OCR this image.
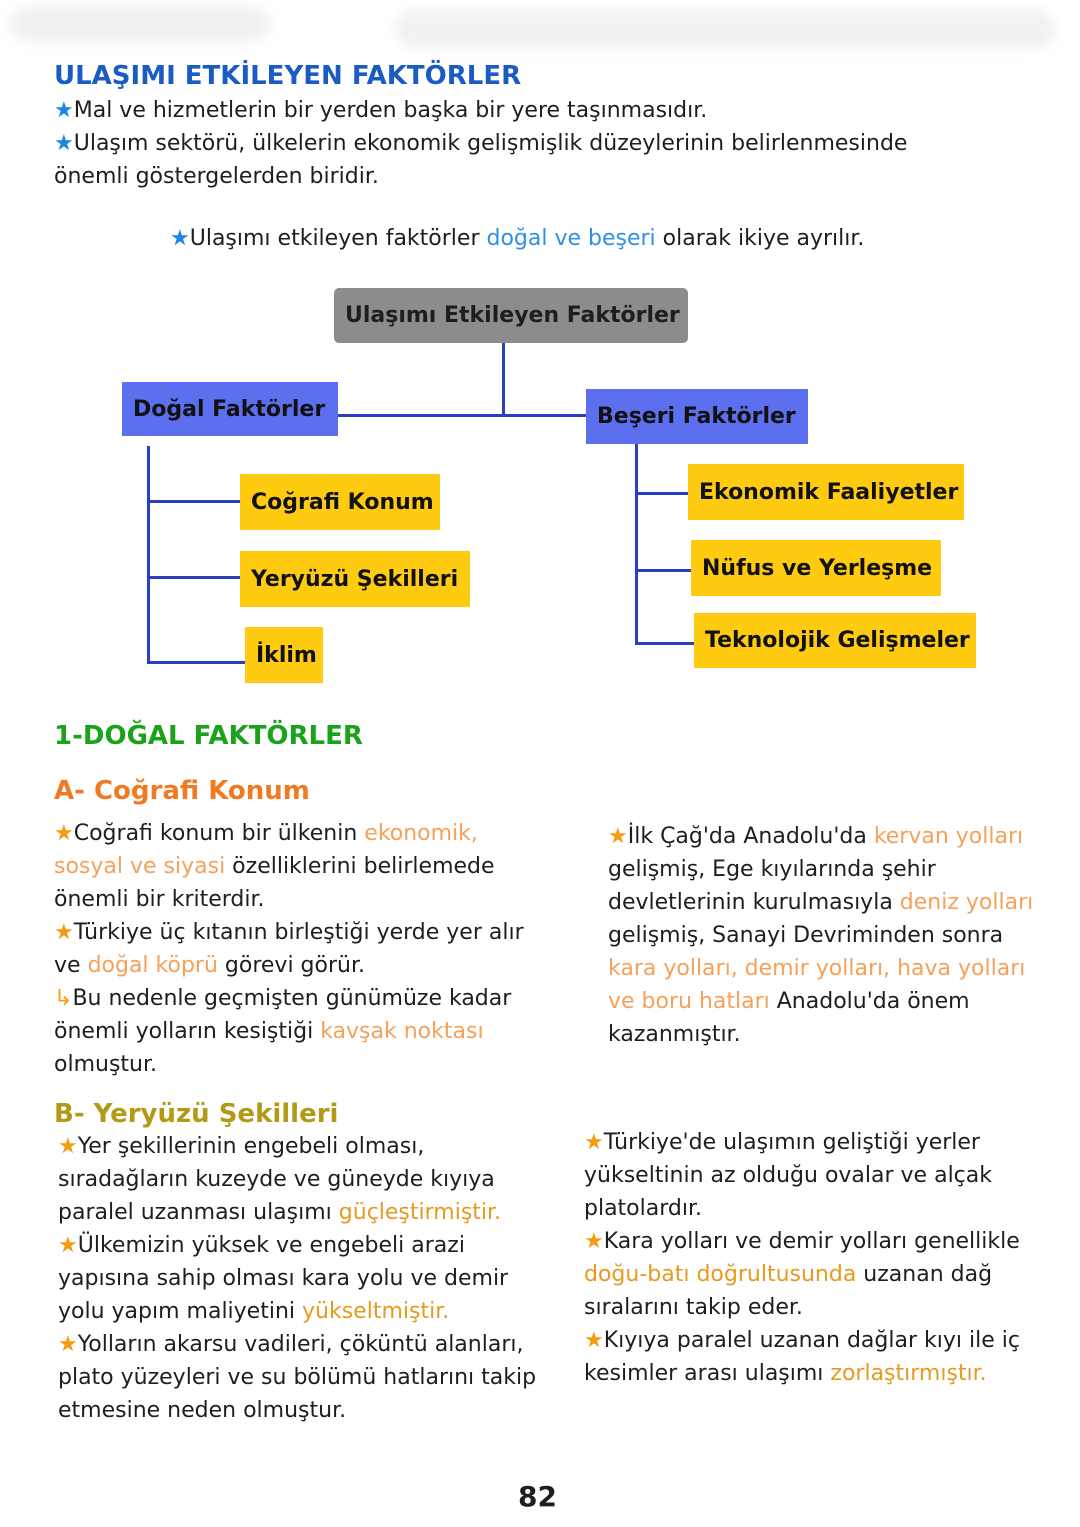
ULAŞIMI ETKİLEYEN FAKTÖRLER

★Mal ve hizmetlerin bir yerden başka bir yere taşınmasıdır.

★Ulaşım sektörü, ülkelerin ekonomik gelişmişlik düzeylerinin belirlenmesinde önemli göstergelerden biridir.

★Ulaşımı etkileyen faktörler doğal ve beşeri olarak ikiye ayrılır.

Ulaşımı Etkileyen Faktörler
Doğal Faktörler	Beşeri Faktörler
Coğrafi Konum
Yeryüzü Şekilleri
İklim
Ekonomik Faaliyetler
Nüfus ve Yerleşme
Teknolojik Gelişmeler
1-DOĞAL FAKTÖRLER
A- Coğrafi Konum

★Coğrafi konum bir ülkenin ekonomik, sosyal ve siyasi özelliklerini belirlemede önemli bir kriterdir.
★Türkiye üç kıtanın birleştiği yerde yer alır ve doğal köprü görevi görür.
↳Bu nedenle geçmişten günümüze kadar önemli yolların kesiştiği kavşak noktası olmuştur.

★İlk Çağ'da Anadolu'da kervan yolları gelişmiş, Ege kıyılarında şehir devletlerinin kurulmasıyla deniz yolları gelişmiş, Sanayi Devriminden sonra kara yolları, demir yolları, hava yolları ve boru hatları Anadolu'da önem kazanmıştır.

B- Yeryüzü Şekilleri

★Yer şekillerinin engebeli olması, sıradağların kuzeyde ve güneyde kıyıya paralel uzanması ulaşımı güçleştirmiştir.
★Ülkemizin yüksek ve engebeli arazi yapısına sahip olması kara yolu ve demir yolu yapım maliyetini yükseltmiştir.
★Yolların akarsu vadileri, çöküntü alanları, plato yüzeyleri ve su bölümü hatlarını takip etmesine neden olmuştur.

★Türkiye'de ulaşımın geliştiği yerler yükseltinin az olduğu ovalar ve alçak platolardır.
★Kara yolları ve demir yolları genellikle doğu-batı doğrultusunda uzanan dağ sıralarını takip eder.
★Kıyıya paralel uzanan dağlar kıyı ile iç kesimler arası ulaşımı zorlaştırmıştır.

82
